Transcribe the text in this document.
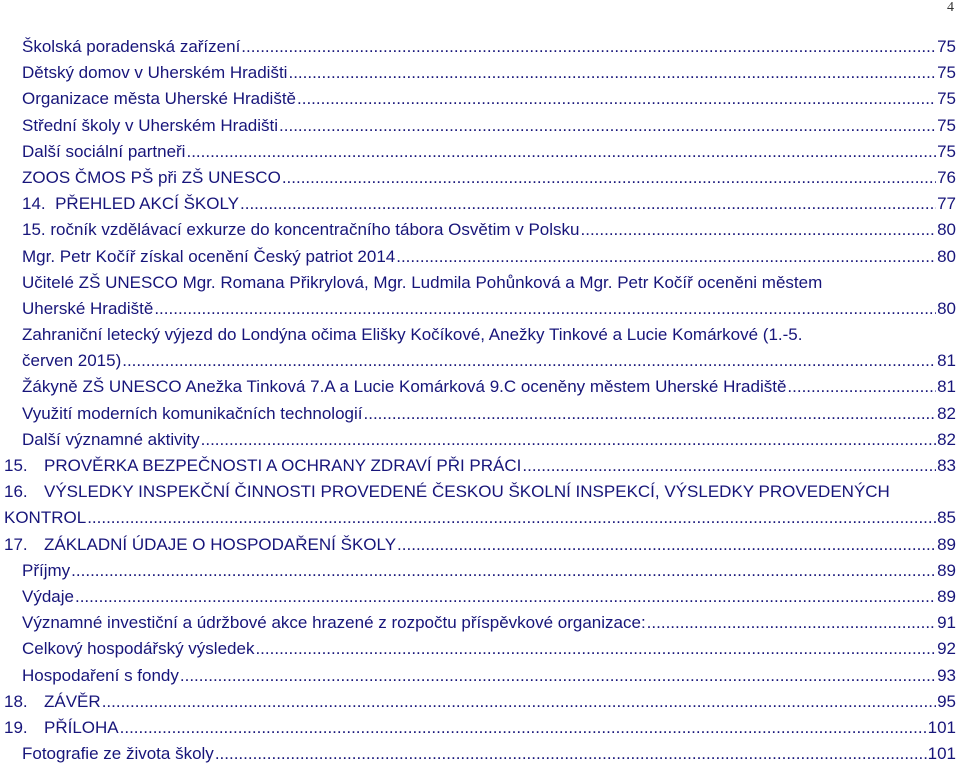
4
Školská poradenská zařízení .....	75
Dětský domov v Uherském Hradišti .....	75
Organizace města Uherské Hradiště .....	75
Střední školy v Uherském Hradišti .....	75
Další sociální partneři .....	75
ZOOS ČMOS PŠ při ZŠ UNESCO .....	76
14.  PŘEHLED AKCÍ ŠKOLY .....	77
15. ročník vzdělávací exkurze do koncentračního tábora Osvětim v Polsku .....	80
Mgr. Petr Kočíř získal ocenění Český patriot 2014 .....	80
Učitelé ZŠ UNESCO Mgr. Romana Přikrylová, Mgr. Ludmila Pohůnková a Mgr. Petr Kočíř oceněni městem
Uherské Hradiště .....	80
Zahraniční letecký výjezd do Londýna očima Elišky Kočíkové, Anežky Tinkové a Lucie Komárkové (1.-5.
červen 2015) .....	81
Žákyně ZŠ UNESCO Anežka Tinková 7.A a Lucie Komárková 9.C oceněny městem Uherské Hradiště .....	81
Využití moderních komunikačních technologií .....	82
Další významné aktivity .....	82
15. PROVĚRKA BEZPEČNOSTI A OCHRANY ZDRAVÍ PŘI PRÁCI .....	83
16. VÝSLEDKY INSPEKČNÍ ČINNOSTI PROVEDENÉ ČESKOU ŠKOLNÍ INSPEKCÍ, VÝSLEDKY PROVEDENÝCH
KONTROL .....	85
17. ZÁKLADNÍ ÚDAJE O HOSPODAŘENÍ ŠKOLY .....	89
Příjmy .....	89
Výdaje .....	89
Významné investiční a údržbové akce hrazené z rozpočtu příspěvkové organizace: .....	91
Celkový hospodářský výsledek .....	92
Hospodaření s fondy .....	93
18. ZÁVĚR .....	95
19. PŘÍLOHA .....	101
Fotografie ze života školy .....	101
